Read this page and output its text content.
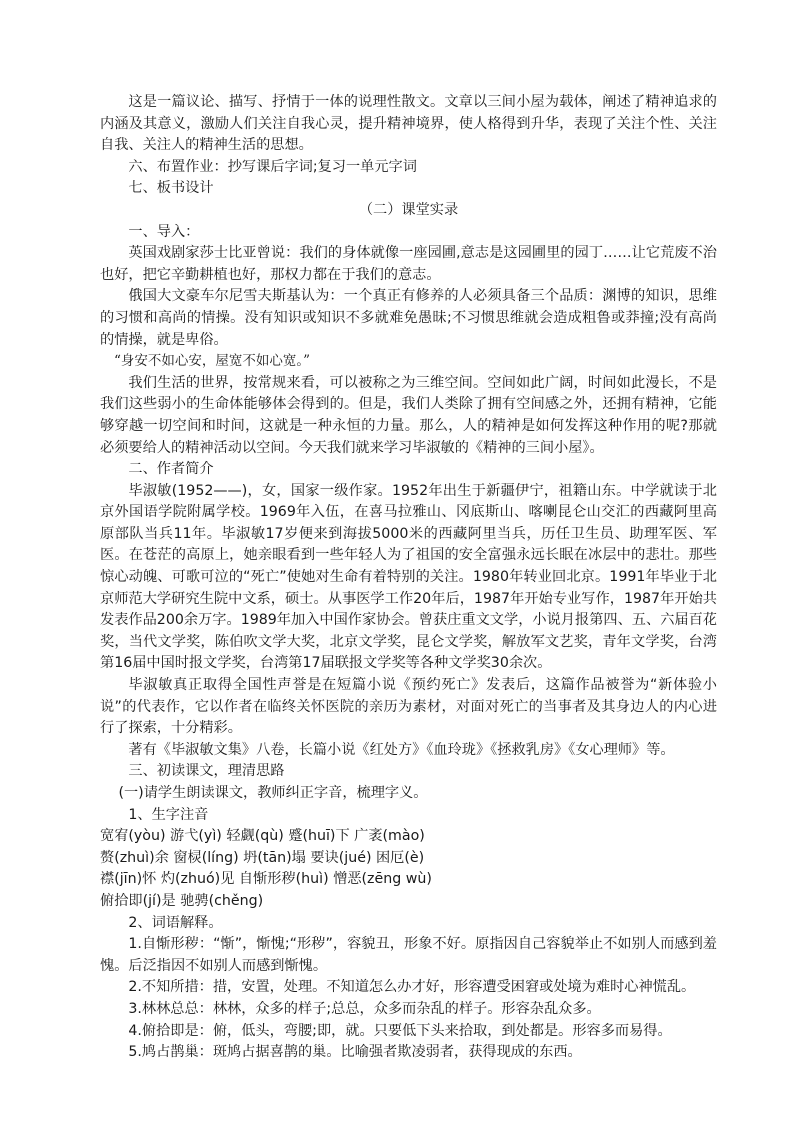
这是一篇议论、描写、抒情于一体的说理性散文。文章以三间小屋为载体，阐述了精神追求的内涵及其意义，激励人们关注自我心灵，提升精神境界，使人格得到升华，表现了关注个性、关注自我、关注人的精神生活的思想。

六、布置作业：抄写课后字词;复习一单元字词

七、板书设计

（二）课堂实录

一、导入：

英国戏剧家莎士比亚曾说：我们的身体就像一座园圃,意志是这园圃里的园丁……让它荒废不治也好，把它辛勤耕植也好，那权力都在于我们的意志。

俄国大文豪车尔尼雪夫斯基认为：一个真正有修养的人必须具备三个品质：渊博的知识，思维的习惯和高尚的情操。没有知识或知识不多就难免愚昧;不习惯思维就会造成粗鲁或莽撞;没有高尚的情操，就是卑俗。

“身安不如心安，屋宽不如心宽。”

我们生活的世界，按常规来看，可以被称之为三维空间。空间如此广阔，时间如此漫长，不是我们这些弱小的生命体能够体会得到的。但是，我们人类除了拥有空间感之外，还拥有精神，它能够穿越一切空间和时间，这就是一种永恒的力量。那么，人的精神是如何发挥这种作用的呢?那就必须要给人的精神活动以空间。今天我们就来学习毕淑敏的《精神的三间小屋》。

二、作者简介

毕淑敏(1952——)，女，国家一级作家。1952年出生于新疆伊宁，祖籍山东。中学就读于北京外国语学院附属学校。1969年入伍，在喜马拉雅山、冈底斯山、喀喇昆仑山交汇的西藏阿里高原部队当兵11年。毕淑敏17岁便来到海拔5000米的西藏阿里当兵，历任卫生员、助理军医、军医。在苍茫的高原上，她亲眼看到一些年轻人为了祖国的安全富强永远长眠在冰层中的悲壮。那些惊心动魄、可歌可泣的“死亡”使她对生命有着特别的关注。1980年转业回北京。1991年毕业于北京师范大学研究生院中文系，硕士。从事医学工作20年后，1987年开始专业写作，1987年开始共发表作品200余万字。1989年加入中国作家协会。曾获庄重文文学，小说月报第四、五、六届百花奖，当代文学奖，陈伯吹文学大奖，北京文学奖，昆仑文学奖，解放军文艺奖，青年文学奖，台湾第16届中国时报文学奖，台湾第17届联报文学奖等各种文学奖30余次。

毕淑敏真正取得全国性声誉是在短篇小说《预约死亡》发表后，这篇作品被誉为“新体验小说”的代表作，它以作者在临终关怀医院的亲历为素材，对面对死亡的当事者及其身边人的内心进行了探索，十分精彩。

著有《毕淑敏文集》八卷，长篇小说《红处方》《血玲珑》《拯救乳房》《女心理师》等。

三、初读课文，理清思路

(一)请学生朗读课文，教师纠正字音，梳理字义。

1、生字注音

宽宥(yòu) 游弋(yì) 轻觑(qù) 蹙(huī)下 广袤(mào)

赘(zhuì)余 窗棂(líng) 坍(tān)塌 要诀(jué) 困厄(è)

襟(jīn)怀 灼(zhuó)见 自惭形秽(huì) 憎恶(zēng wù)

俯拾即(jí)是 驰骋(chěng)

2、词语解释。

1.自惭形秽：“惭”，惭愧;“形秽”，容貌丑，形象不好。原指因自己容貌举止不如别人而感到羞愧。后泛指因不如别人而感到惭愧。

2.不知所措：措，安置，处理。不知道怎么办才好，形容遭受困窘或处境为难时心神慌乱。

3.林林总总：林林，众多的样子;总总，众多而杂乱的样子。形容杂乱众多。

4.俯拾即是：俯，低头，弯腰;即，就。只要低下头来拾取，到处都是。形容多而易得。

5.鸠占鹊巢：斑鸠占据喜鹊的巢。比喻强者欺凌弱者，获得现成的东西。
